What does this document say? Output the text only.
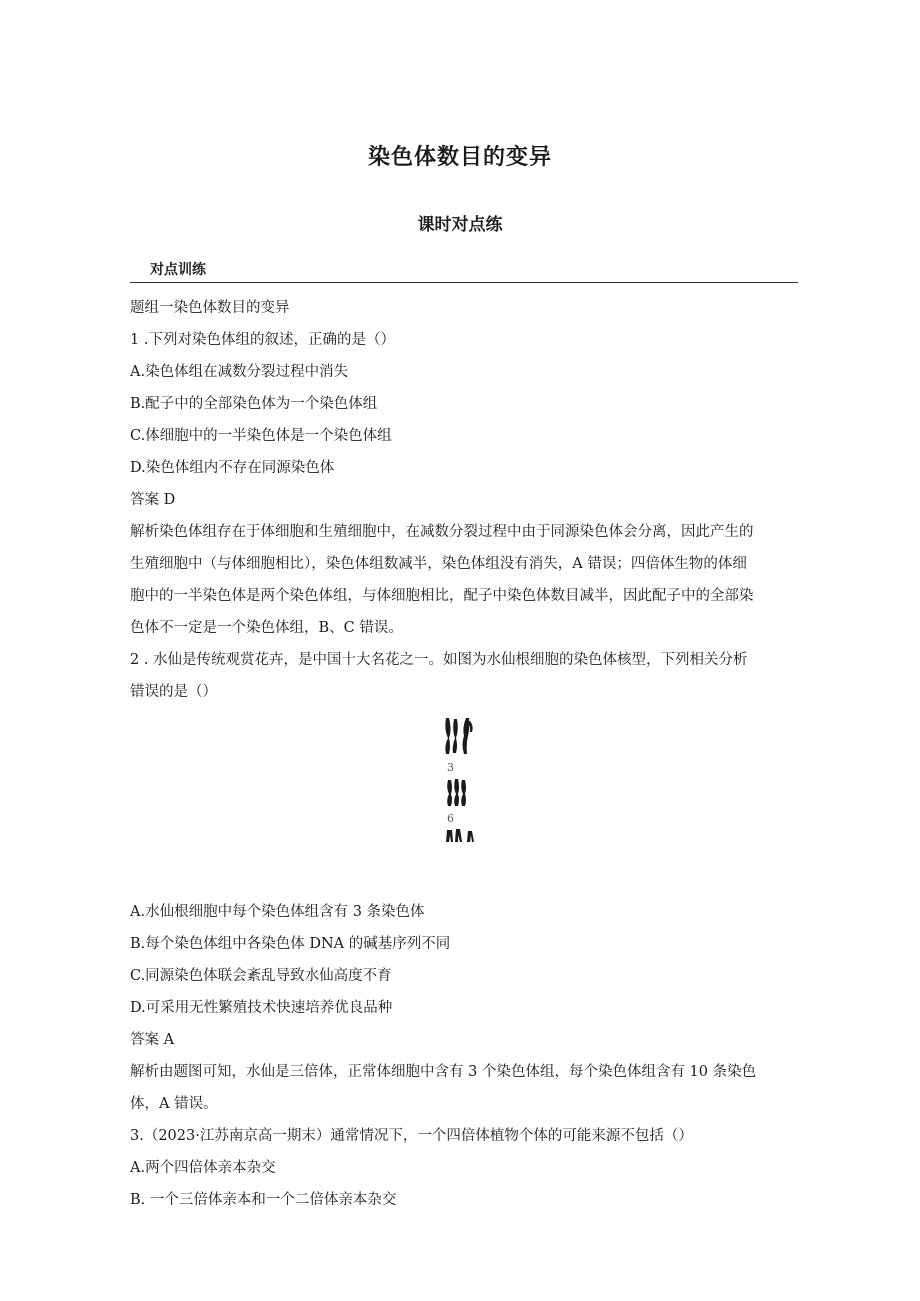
染色体数目的变异
课时对点练
对点训练
题组一染色体数目的变异
1 .下列对染色体组的叙述，正确的是（）
A.染色体组在减数分裂过程中消失
B.配子中的全部染色体为一个染色体组
C.体细胞中的一半染色体是一个染色体组
D.染色体组内不存在同源染色体
答案 D
解析染色体组存在于体细胞和生殖细胞中，在减数分裂过程中由于同源染色体会分离，因此产生的
生殖细胞中（与体细胞相比），染色体组数减半，染色体组没有消失，A 错误；四倍体生物的体细
胞中的一半染色体是两个染色体组，与体细胞相比，配子中染色体数目减半，因此配子中的全部染
色体不一定是一个染色体组，B、C 错误。
2 . 水仙是传统观赏花卉，是中国十大名花之一。如图为水仙根细胞的染色体核型，下列相关分析
错误的是（）
3
6
A.水仙根细胞中每个染色体组含有 3 条染色体
B.每个染色体组中各染色体 DNA 的碱基序列不同
C.同源染色体联会紊乱导致水仙高度不育
D.可采用无性繁殖技术快速培养优良品种
答案 A
解析由题图可知，水仙是三倍体，正常体细胞中含有 3 个染色体组，每个染色体组含有 10 条染色
体，A 错误。
3.（2023·江苏南京高一期末）通常情况下，一个四倍体植物个体的可能来源不包括（）
A.两个四倍体亲本杂交
B. 一个三倍体亲本和一个二倍体亲本杂交
